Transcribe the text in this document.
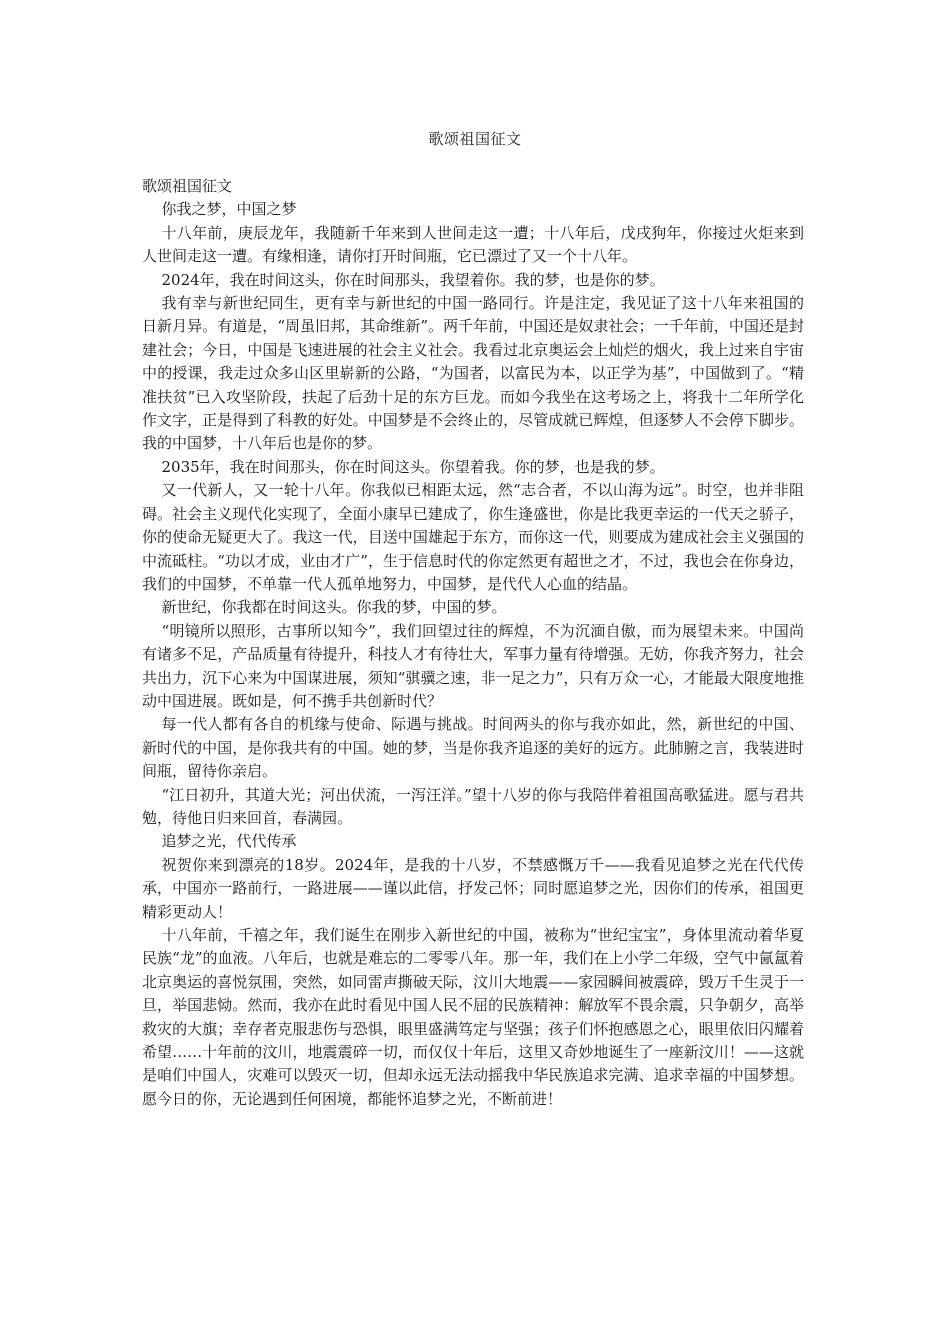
歌颂祖国征文

歌颂祖国征文

你我之梦，中国之梦

十八年前，庚辰龙年，我随新千年来到人世间走这一遭；十八年后，戊戌狗年，你接过火炬来到人世间走这一遭。有缘相逢，请你打开时间瓶，它已漂过了又一个十八年。

2024年，我在时间这头，你在时间那头，我望着你。我的梦，也是你的梦。

我有幸与新世纪同生，更有幸与新世纪的中国一路同行。许是注定，我见证了这十八年来祖国的日新月异。有道是，“周虽旧邦，其命维新”。两千年前，中国还是奴隶社会；一千年前，中国还是封建社会；今日，中国是飞速进展的社会主义社会。我看过北京奥运会上灿烂的烟火，我上过来自宇宙中的授课，我走过众多山区里崭新的公路，“为国者，以富民为本，以正学为基”，中国做到了。“精准扶贫”已入攻坚阶段，扶起了后劲十足的东方巨龙。而如今我坐在这考场之上，将我十二年所学化作文字，正是得到了科教的好处。中国梦是不会终止的，尽管成就已辉煌，但逐梦人不会停下脚步。我的中国梦，十八年后也是你的梦。

2035年，我在时间那头，你在时间这头。你望着我。你的梦，也是我的梦。

又一代新人，又一轮十八年。你我似已相距太远，然“志合者，不以山海为远”。时空，也并非阻碍。社会主义现代化实现了，全面小康早已建成了，你生逢盛世，你是比我更幸运的一代天之骄子，你的使命无疑更大了。我这一代，目送中国雄起于东方，而你这一代，则要成为建成社会主义强国的中流砥柱。“功以才成，业由才广”，生于信息时代的你定然更有超世之才，不过，我也会在你身边，我们的中国梦，不单靠一代人孤单地努力，中国梦，是代代人心血的结晶。

新世纪，你我都在时间这头。你我的梦，中国的梦。

“明镜所以照形，古事所以知今”，我们回望过往的辉煌，不为沉湎自傲，而为展望未来。中国尚有诸多不足，产品质量有待提升，科技人才有待壮大，军事力量有待增强。无妨，你我齐努力，社会共出力，沉下心来为中国谋进展，须知“骐骥之速，非一足之力”，只有万众一心，才能最大限度地推动中国进展。既如是，何不携手共创新时代？

每一代人都有各自的机缘与使命、际遇与挑战。时间两头的你与我亦如此，然，新世纪的中国、新时代的中国，是你我共有的中国。她的梦，当是你我齐追逐的美好的远方。此肺腑之言，我装进时间瓶，留待你亲启。

“江日初升，其道大光；河出伏流，一泻汪洋。”望十八岁的你与我陪伴着祖国高歌猛进。愿与君共勉，待他日归来回首，春满园。

追梦之光，代代传承

祝贺你来到漂亮的18岁。2024年，是我的十八岁，不禁感慨万千——我看见追梦之光在代代传承，中国亦一路前行，一路进展——谨以此信，抒发己怀；同时愿追梦之光，因你们的传承，祖国更精彩更动人！

十八年前，千禧之年，我们诞生在刚步入新世纪的中国，被称为“世纪宝宝”，身体里流动着华夏民族“龙”的血液。八年后，也就是难忘的二零零八年。那一年，我们在上小学二年级，空气中氤氲着北京奥运的喜悦氛围，突然，如同雷声撕破天际，汶川大地震——家园瞬间被震碎，毁万千生灵于一旦，举国悲恸。然而，我亦在此时看见中国人民不屈的民族精神：解放军不畏余震，只争朝夕，高举救灾的大旗；幸存者克服悲伤与恐惧，眼里盛满笃定与坚强；孩子们怀抱感恩之心，眼里依旧闪耀着希望……十年前的汶川，地震震碎一切，而仅仅十年后，这里又奇妙地诞生了一座新汶川！——这就是咱们中国人，灾难可以毁灭一切，但却永远无法动摇我中华民族追求完满、追求幸福的中国梦想。愿今日的你，无论遇到任何困境，都能怀追梦之光，不断前进！
